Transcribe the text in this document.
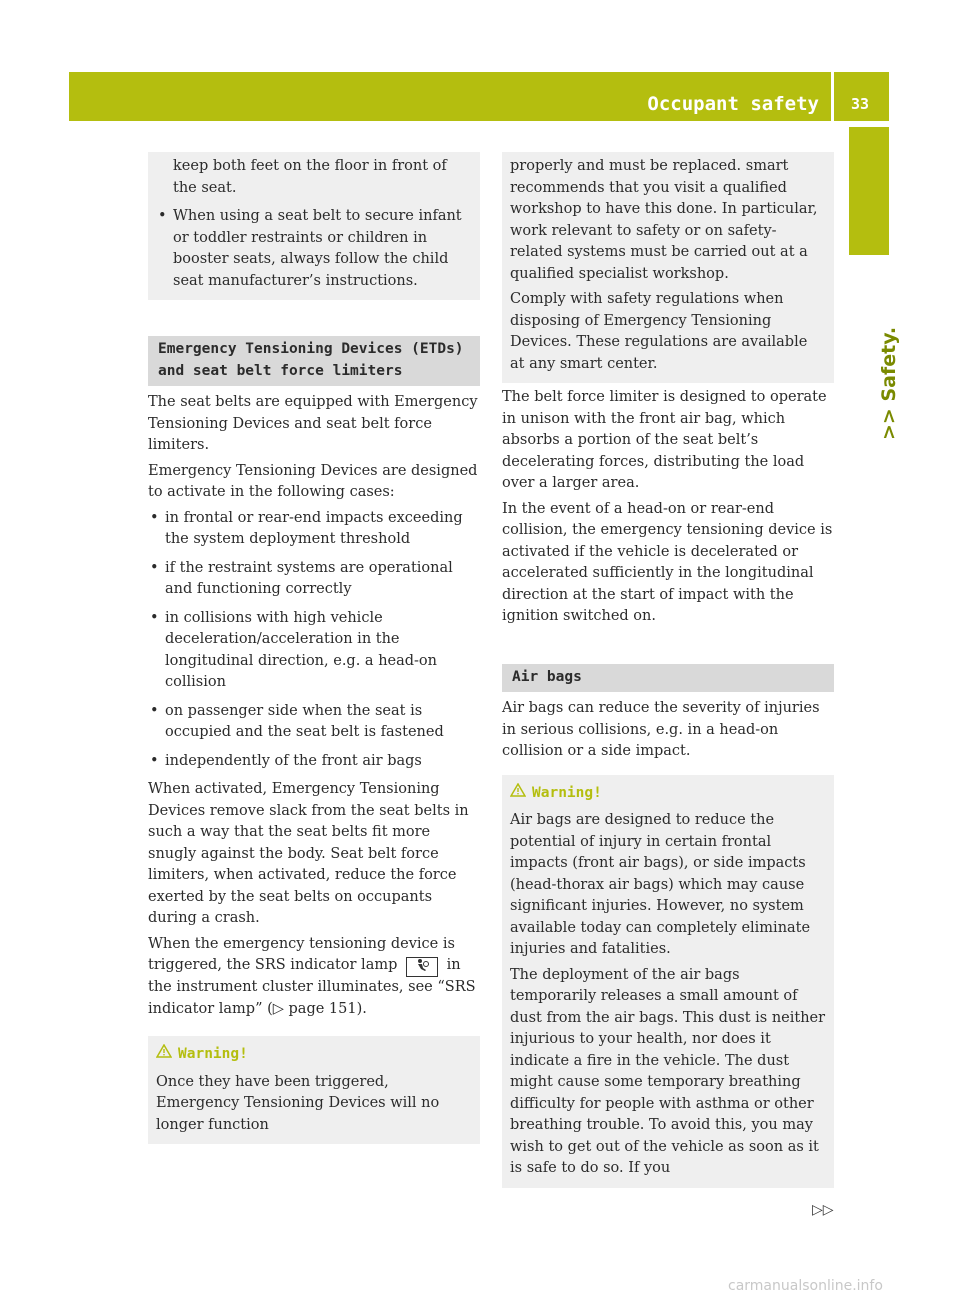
Occupant safety 33
>> Safety.
keep both feet on the floor in front of the seat.
• When using a seat belt to secure infant or toddler restraints or children in booster seats, always follow the child seat manufacturer’s instructions.
Emergency Tensioning Devices (ETDs) and seat belt force limiters

The seat belts are equipped with Emergency Tensioning Devices and seat belt force limiters.

Emergency Tensioning Devices are designed to activate in the following cases:

• in frontal or rear-end impacts exceeding the system deployment threshold
• if the restraint systems are operational and functioning correctly
• in collisions with high vehicle deceleration/acceleration in the longitudinal direction, e.g. a head-on collision
• on passenger side when the seat is occupied and the seat belt is fastened
• independently of the front air bags

When activated, Emergency Tensioning Devices remove slack from the seat belts in such a way that the seat belts fit more snugly against the body. Seat belt force limiters, when activated, reduce the force exerted by the seat belts on occupants during a crash.

When the emergency tensioning device is triggered, the SRS indicator lamp	in the instrument cluster illuminates, see “SRS indicator lamp” (▷ page 151).

Warning!

Once they have been triggered, Emergency Tensioning Devices will no longer function

properly and must be replaced. smart recommends that you visit a qualified workshop to have this done. In particular, work relevant to safety or on safety-related systems must be carried out at a qualified specialist workshop.

Comply with safety regulations when disposing of Emergency Tensioning Devices. These regulations are available at any smart center.

The belt force limiter is designed to operate in unison with the front air bag, which absorbs a portion of the seat belt’s decelerating forces, distributing the load over a larger area.

In the event of a head-on or rear-end collision, the emergency tensioning device is activated if the vehicle is decelerated or accelerated sufficiently in the longitudinal direction at the start of impact with the ignition switched on.

Air bags

Air bags can reduce the severity of injuries in serious collisions, e.g. in a head-on collision or a side impact.

Warning!

Air bags are designed to reduce the potential of injury in certain frontal impacts (front air bags), or side impacts (head-thorax air bags) which may cause significant injuries. However, no system available today can completely eliminate injuries and fatalities.

The deployment of the air bags temporarily releases a small amount of dust from the air bags. This dust is neither injurious to your health, nor does it indicate a fire in the vehicle. The dust might cause some temporary breathing difficulty for people with asthma or other breathing trouble. To avoid this, you may wish to get out of the vehicle as soon as it is safe to do so. If you

▷▷
carmanualsonline.info
